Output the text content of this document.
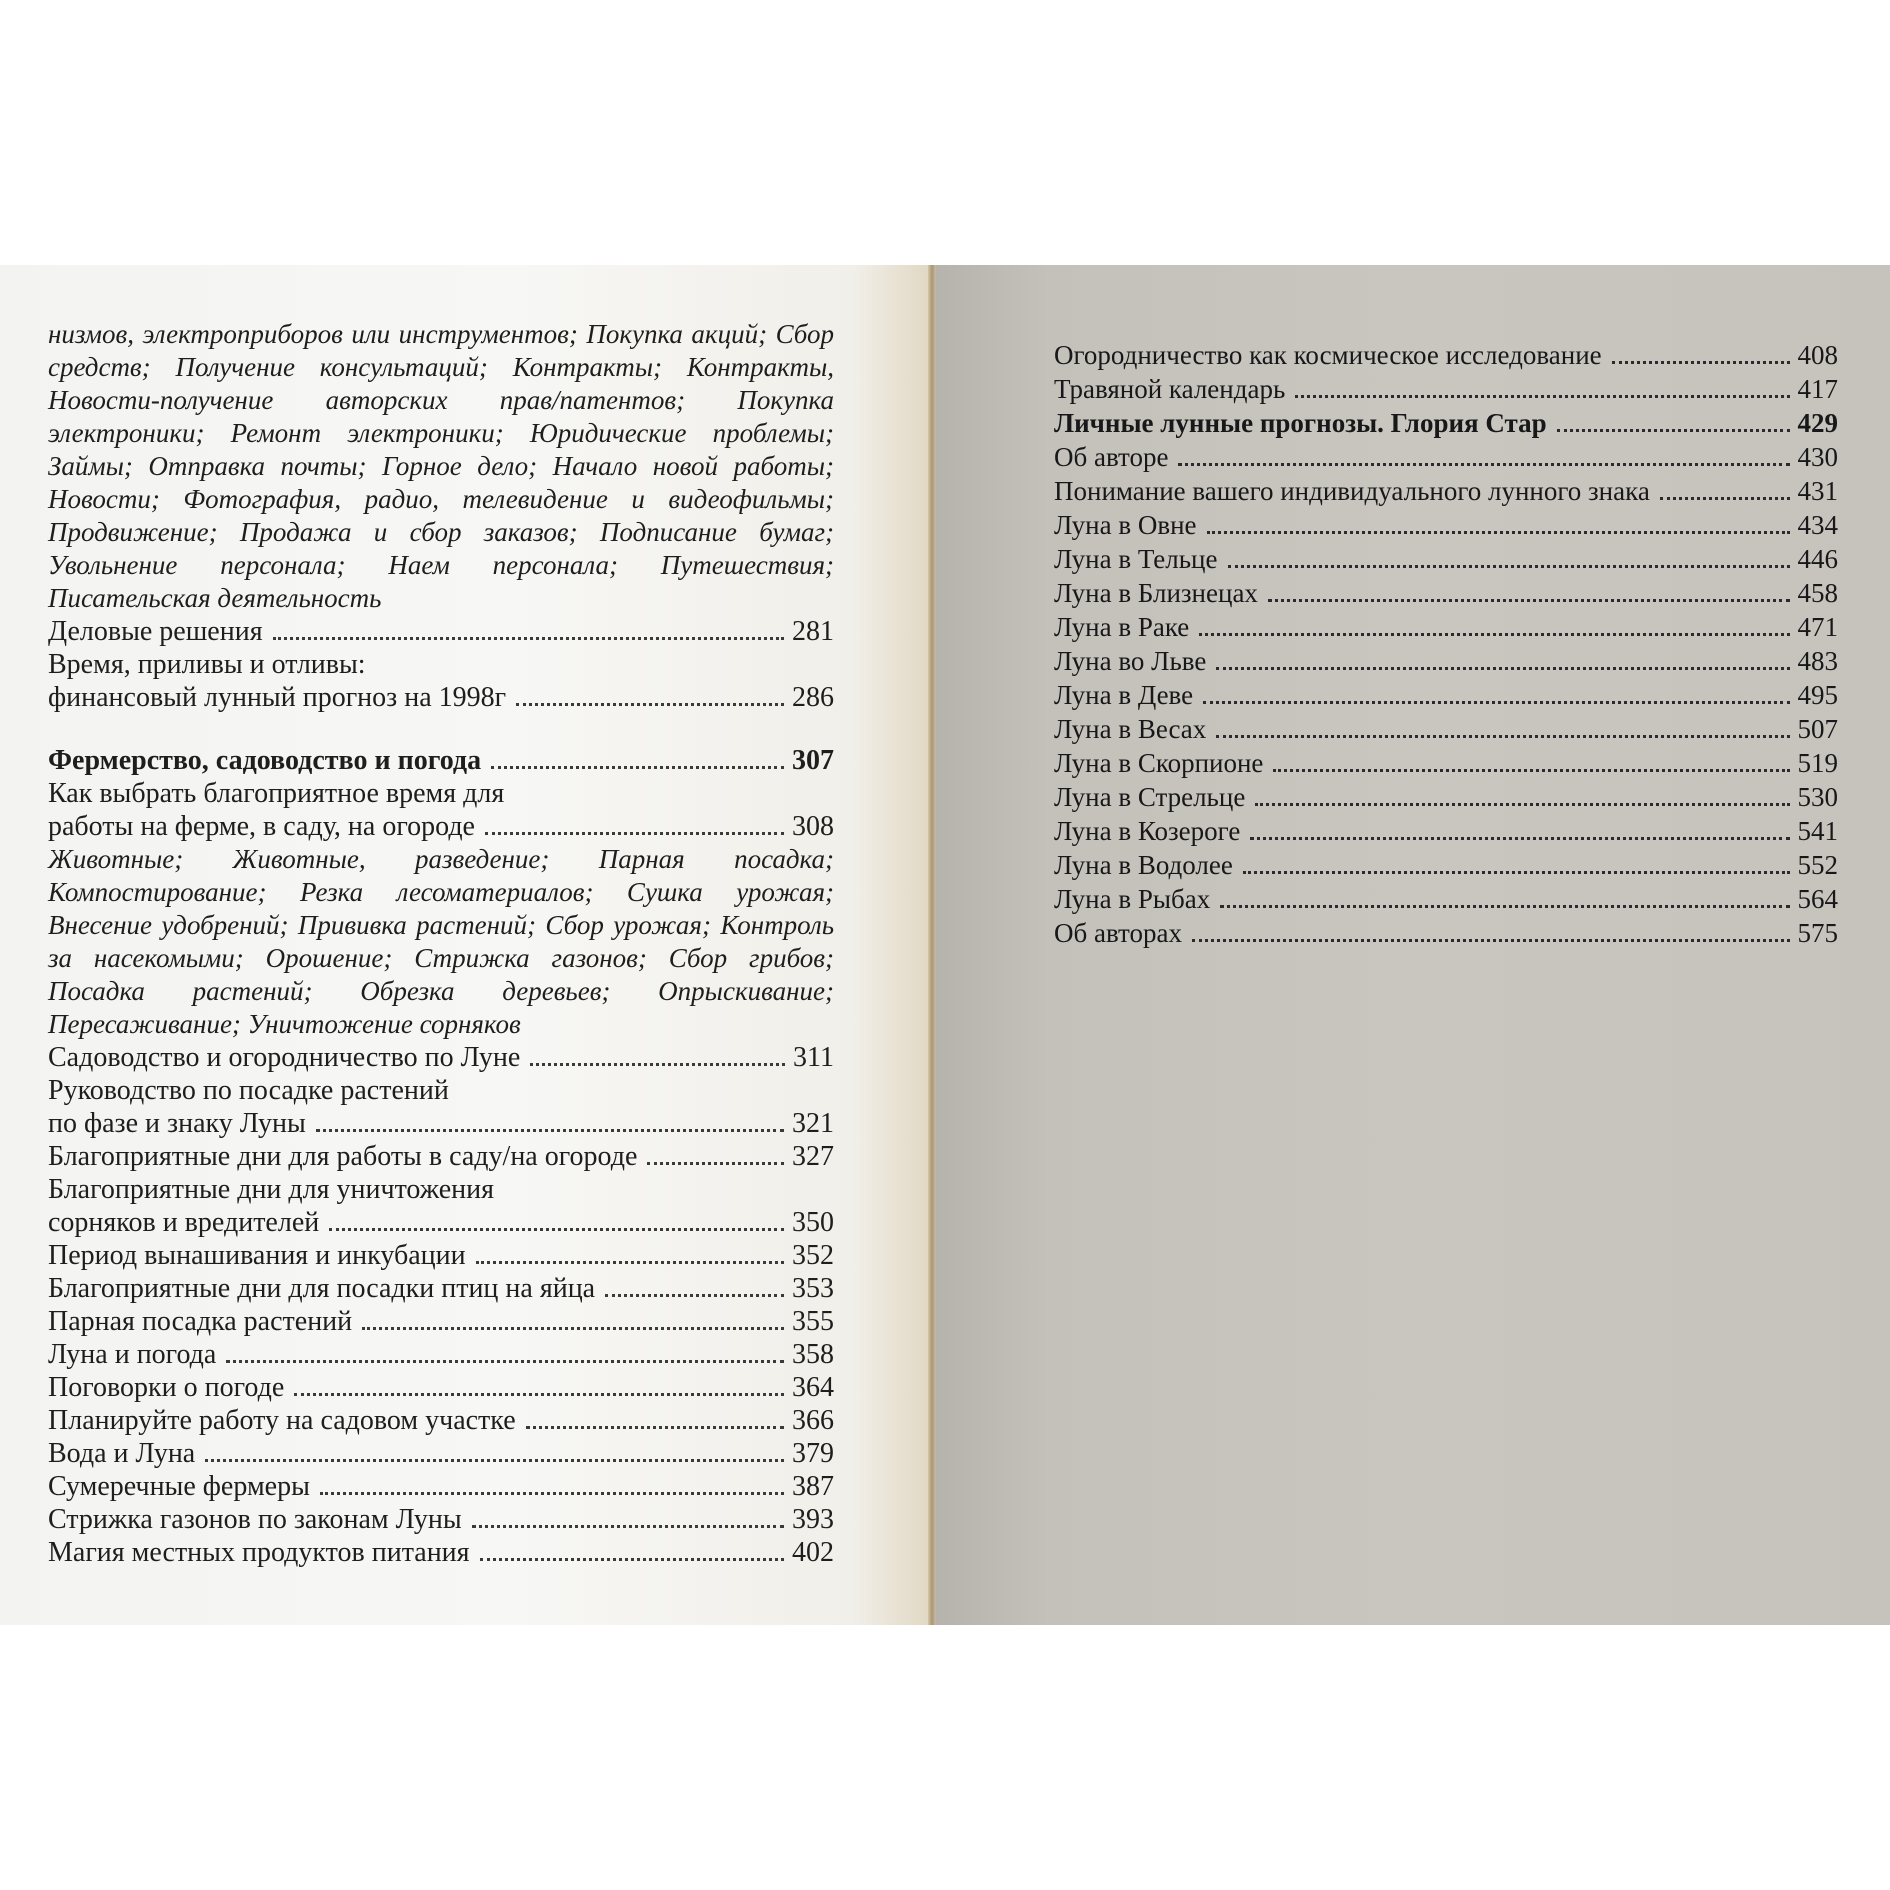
низмов, электроприборов или инструментов; Покупка акций; Сбор средств; Получение консультаций; Контракты; Контракты, Новости-получение авторских прав/патентов; Покупка электроники; Ремонт электроники; Юридические проблемы; Займы; Отправка почты; Горное дело; Начало новой работы; Новости; Фотография, радио, телевидение и видеофильмы; Продвижение; Продажа и сбор заказов; Подписание бумаг; Увольнение персонала; Наем персонала; Путешествия; Писательская деятельность
Деловые решения	281
Время, приливы и отливы:
финансовый лунный прогноз на 1998г	286
Фермерство, садоводство и погода	307
Как выбрать благоприятное время для
работы на ферме, в саду, на огороде	308
Животные; Животные, разведение; Парная посадка; Компостирование; Резка лесоматериалов; Сушка урожая; Внесение удобрений; Прививка растений; Сбор урожая; Контроль за насекомыми; Орошение; Стрижка газонов; Сбор грибов; Посадка растений; Обрезка деревьев; Опрыскивание; Пересаживание; Уничтожение сорняков
Садоводство и огородничество по Луне	311
Руководство по посадке растений
по фазе и знаку Луны	321
Благоприятные дни для работы в саду/на огороде	327
Благоприятные дни для уничтожения
сорняков и вредителей	350
Период вынашивания и инкубации	352
Благоприятные дни для посадки птиц на яйца	353
Парная посадка растений	355
Луна и погода	358
Поговорки о погоде	364
Планируйте работу на садовом участке	366
Вода и Луна	379
Сумеречные фермеры	387
Стрижка газонов по законам Луны	393
Магия местных продуктов питания	402
Огородничество как космическое исследование	408
Травяной календарь	417
Личные лунные прогнозы. Глория Стар	429
Об авторе	430
Понимание вашего индивидуального лунного знака	431
Луна в Овне	434
Луна в Тельце	446
Луна в Близнецах	458
Луна в Раке	471
Луна во Льве	483
Луна в Деве	495
Луна в Весах	507
Луна в Скорпионе	519
Луна в Стрельце	530
Луна в Козероге	541
Луна в Водолее	552
Луна в Рыбах	564
Об авторах	575
